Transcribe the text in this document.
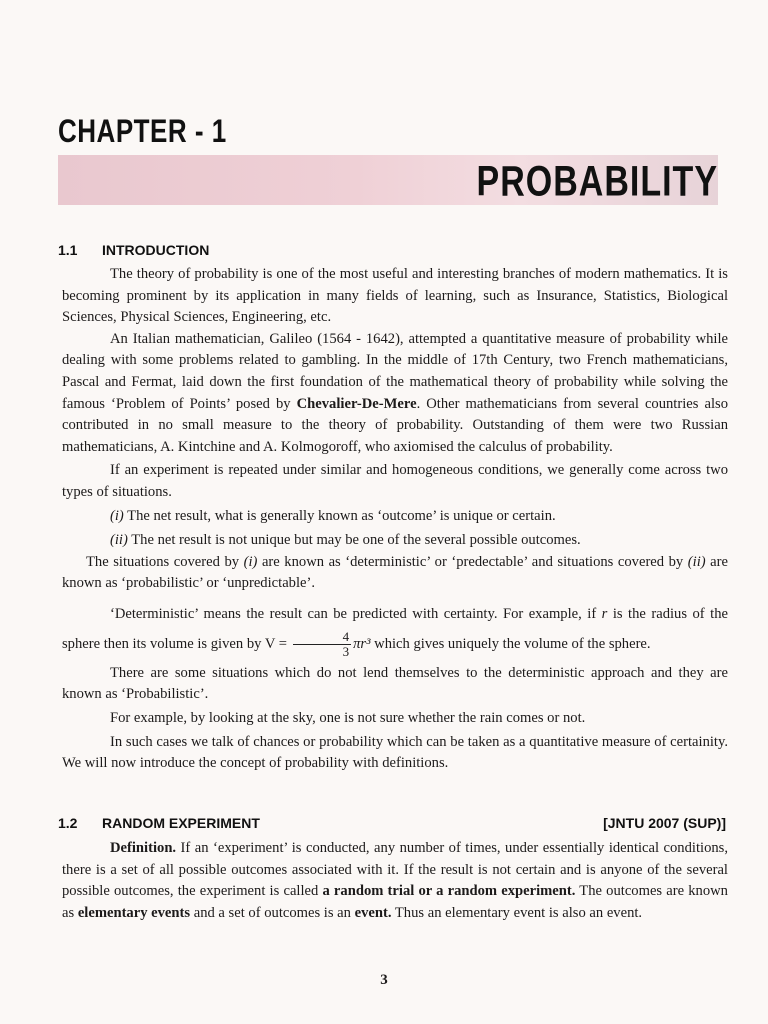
CHAPTER - 1
PROBABILITY
1.1 INTRODUCTION

The theory of probability is one of the most useful and interesting branches of modern mathematics. It is becoming prominent by its application in many fields of learning, such as Insurance, Statistics, Biological Sciences, Physical Sciences, Engineering, etc.

An Italian mathematician, Galileo (1564 - 1642), attempted a quantitative measure of probability while dealing with some problems related to gambling. In the middle of 17th Century, two French mathematicians, Pascal and Fermat, laid down the first foundation of the mathematical theory of probability while solving the famous ‘Problem of Points’ posed by Chevalier-De-Mere. Other mathematicians from several countries also contributed in no small measure to the theory of probability. Outstanding of them were two Russian mathematicians, A. Kintchine and A. Kolmogoroff, who axiomised the calculus of probability.

If an experiment is repeated under similar and homogeneous conditions, we generally come across two types of situations.

(i) The net result, what is generally known as ‘outcome’ is unique or certain.

(ii) The net result is not unique but may be one of the several possible outcomes.

The situations covered by (i) are known as ‘deterministic’ or ‘predectable’ and situations covered by (ii) are known as ‘probabilistic’ or ‘unpredictable’.

‘Deterministic’ means the result can be predicted with certainty. For example, if r is the radius of the sphere then its volume is given by $V = \frac{4}{3} \pi r^3$ which gives uniquely the volume of the sphere.

There are some situations which do not lend themselves to the deterministic approach and they are known as ‘Probabilistic’.

For example, by looking at the sky, one is not sure whether the rain comes or not.

In such cases we talk of chances or probability which can be taken as a quantitative measure of certainity. We will now introduce the concept of probability with definitions.

1.2 RANDOM EXPERIMENT	[JNTU 2007 (SUP)]

Definition. If an ‘experiment’ is conducted, any number of times, under essentially identical conditions, there is a set of all possible outcomes associated with it. If the result is not certain and is anyone of the several possible outcomes, the experiment is called a random trial or a random experiment. The outcomes are known as elementary events and a set of outcomes is an event. Thus an elementary event is also an event.

3
